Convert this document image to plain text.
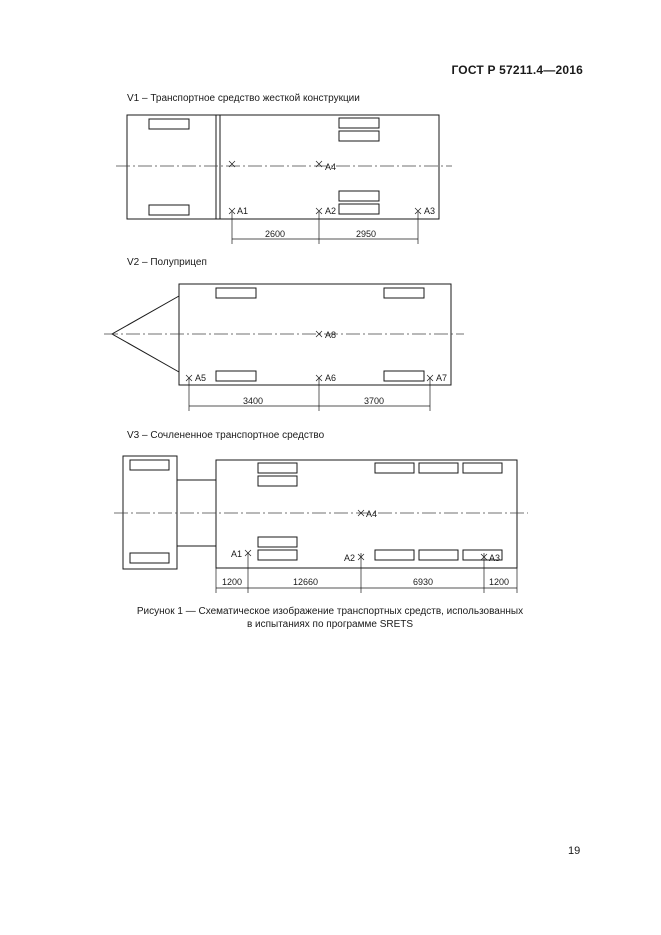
ГОСТ Р 57211.4—2016
V1 – Транспортное средство жесткой конструкции
V2 – Полуприцеп
V3 – Сочлененное транспортное средство
A1	A2	A3
A4
2600	2950
A5	A6	A7
A8
3400	3700
A1	A2	A3
A4
1200	12660	6930	1200
Рисунок 1 — Схематическое изображение транспортных средств, использованных
в испытаниях по программе SRETS
19
